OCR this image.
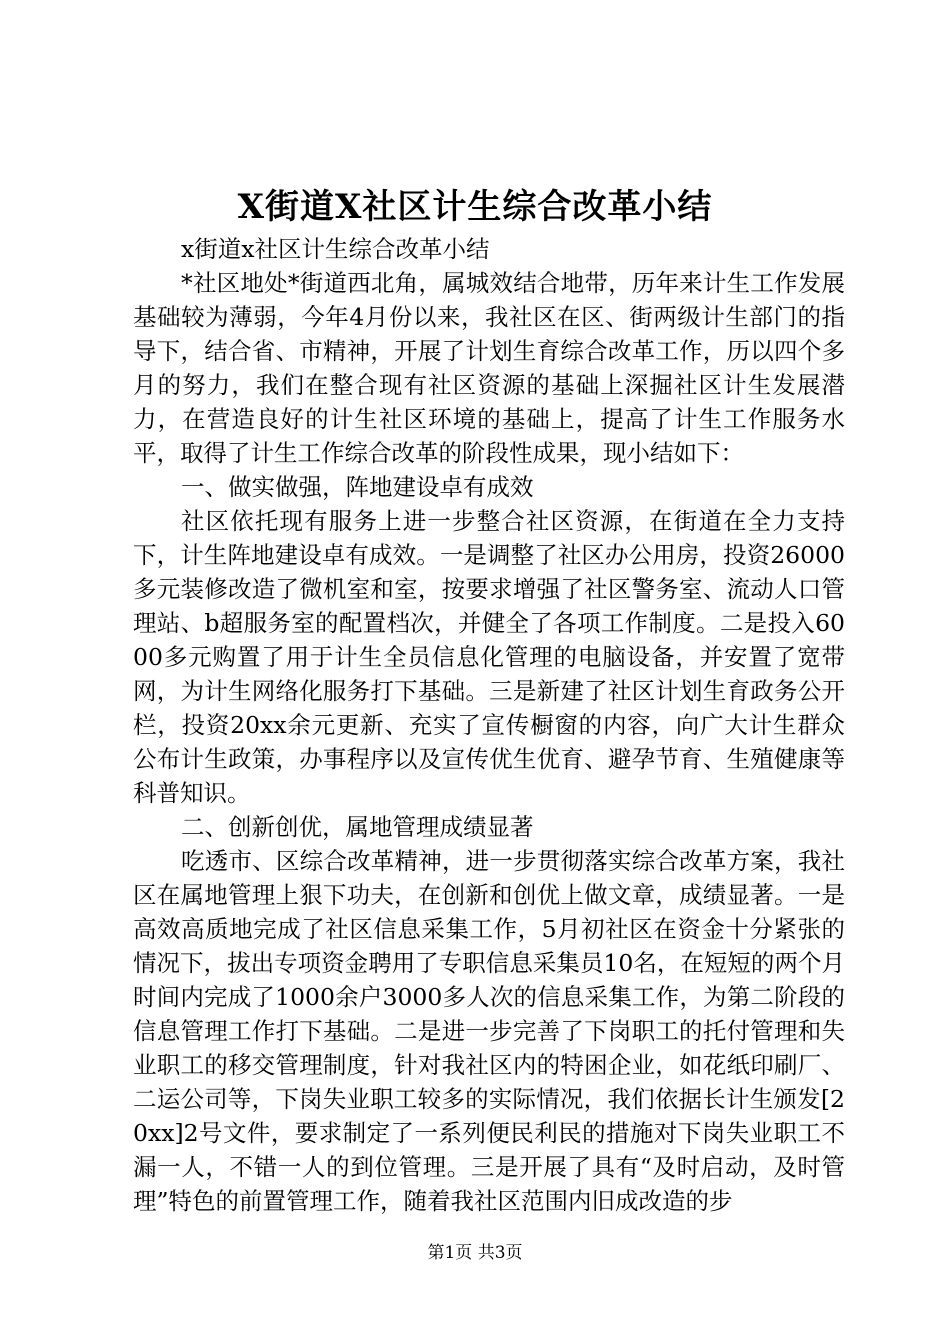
X街道X社区计生综合改革小结

x街道x社区计生综合改革小结

*社区地处*街道西北角，属城效结合地带，历年来计生工作发展基础较为薄弱，今年4月份以来，我社区在区、街两级计生部门的指导下，结合省、市精神，开展了计划生育综合改革工作，历以四个多月的努力，我们在整合现有社区资源的基础上深掘社区计生发展潜力，在营造良好的计生社区环境的基础上，提高了计生工作服务水平，取得了计生工作综合改革的阶段性成果，现小结如下：

一、做实做强，阵地建设卓有成效

社区依托现有服务上进一步整合社区资源，在街道在全力支持下，计生阵地建设卓有成效。一是调整了社区办公用房，投资26000多元装修改造了微机室和室，按要求增强了社区警务室、流动人口管理站、b超服务室的配置档次，并健全了各项工作制度。二是投入6000多元购置了用于计生全员信息化管理的电脑设备，并安置了宽带网，为计生网络化服务打下基础。三是新建了社区计划生育政务公开栏，投资20xx余元更新、充实了宣传橱窗的内容，向广大计生群众公布计生政策，办事程序以及宣传优生优育、避孕节育、生殖健康等科普知识。

二、创新创优，属地管理成绩显著

吃透市、区综合改革精神，进一步贯彻落实综合改革方案，我社区在属地管理上狠下功夫，在创新和创优上做文章，成绩显著。一是高效高质地完成了社区信息采集工作，5月初社区在资金十分紧张的情况下，拔出专项资金聘用了专职信息采集员10名，在短短的两个月时间内完成了1000余户3000多人次的信息采集工作，为第二阶段的信息管理工作打下基础。二是进一步完善了下岗职工的托付管理和失业职工的移交管理制度，针对我社区内的特困企业，如花纸印刷厂、二运公司等，下岗失业职工较多的实际情况，我们依据长计生颁发[20xx]2号文件，要求制定了一系列便民利民的措施对下岗失业职工不漏一人，不错一人的到位管理。三是开展了具有“及时启动，及时管理”特色的前置管理工作，随着我社区范围内旧成改造的步

第1页 共3页
